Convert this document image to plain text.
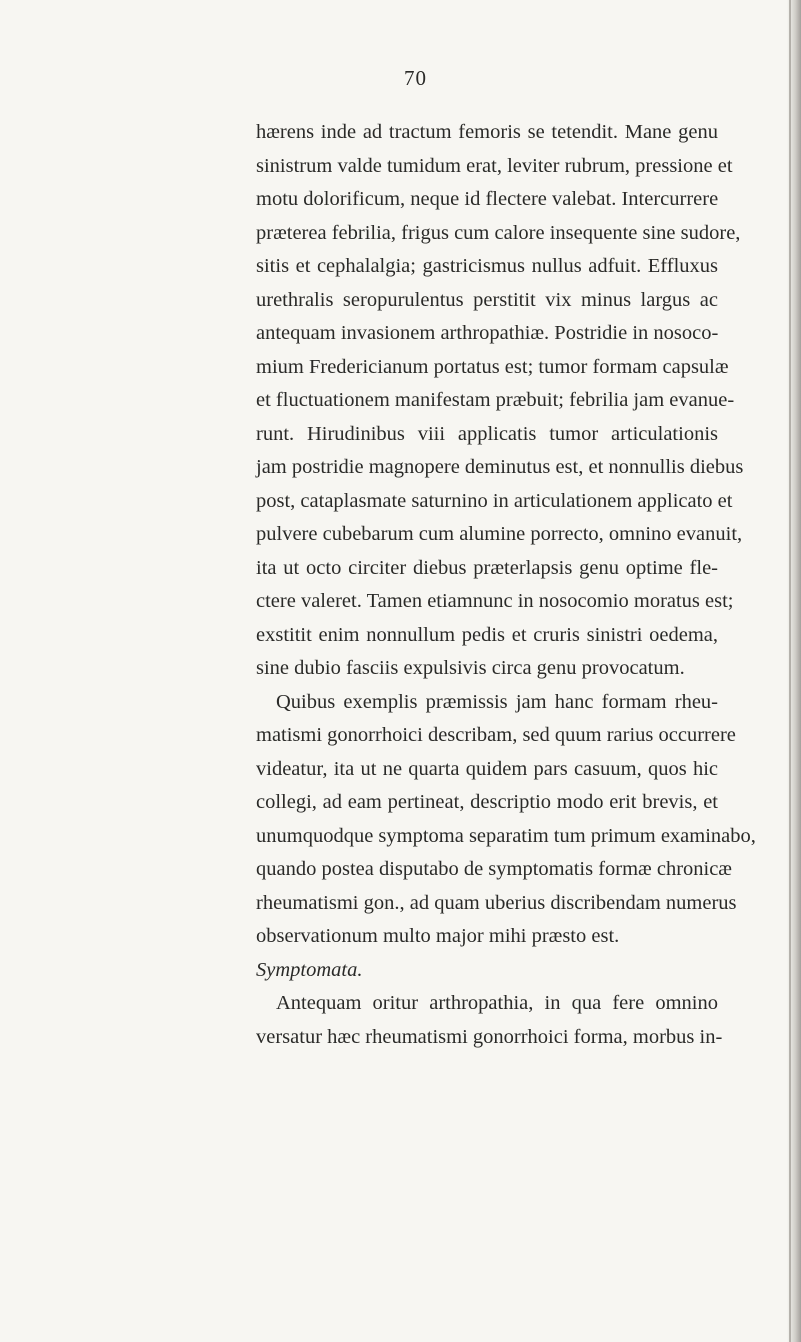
70
hærens inde ad tractum femoris se tetendit. Mane genu
sinistrum valde tumidum erat, leviter rubrum, pressione et
motu dolorificum, neque id flectere valebat. Intercurrere
præterea febrilia, frigus cum calore insequente sine sudore,
sitis et cephalalgia; gastricismus nullus adfuit. Effluxus
urethralis seropurulentus perstitit vix minus largus ac
antequam invasionem arthropathiæ. Postridie in nosoco-
mium Fredericianum portatus est; tumor formam capsulæ
et fluctuationem manifestam præbuit; febrilia jam evanue-
runt. Hirudinibus viii applicatis tumor articulationis
jam postridie magnopere deminutus est, et nonnullis diebus
post, cataplasmate saturnino in articulationem applicato et
pulvere cubebarum cum alumine porrecto, omnino evanuit,
ita ut octo circiter diebus præterlapsis genu optime fle-
ctere valeret. Tamen etiamnunc in nosocomio moratus est;
exstitit enim nonnullum pedis et cruris sinistri oedema,
sine dubio fasciis expulsivis circa genu provocatum.
Quibus exemplis præmissis jam hanc formam rheu-
matismi gonorrhoici describam, sed quum rarius occurrere
videatur, ita ut ne quarta quidem pars casuum, quos hic
collegi, ad eam pertineat, descriptio modo erit brevis, et
unumquodque symptoma separatim tum primum examinabo,
quando postea disputabo de symptomatis formæ chronicæ
rheumatismi gon., ad quam uberius discribendam numerus
observationum multo major mihi præsto est.
Symptomata.
Antequam oritur arthropathia, in qua fere omnino
versatur hæc rheumatismi gonorrhoici forma, morbus in-
